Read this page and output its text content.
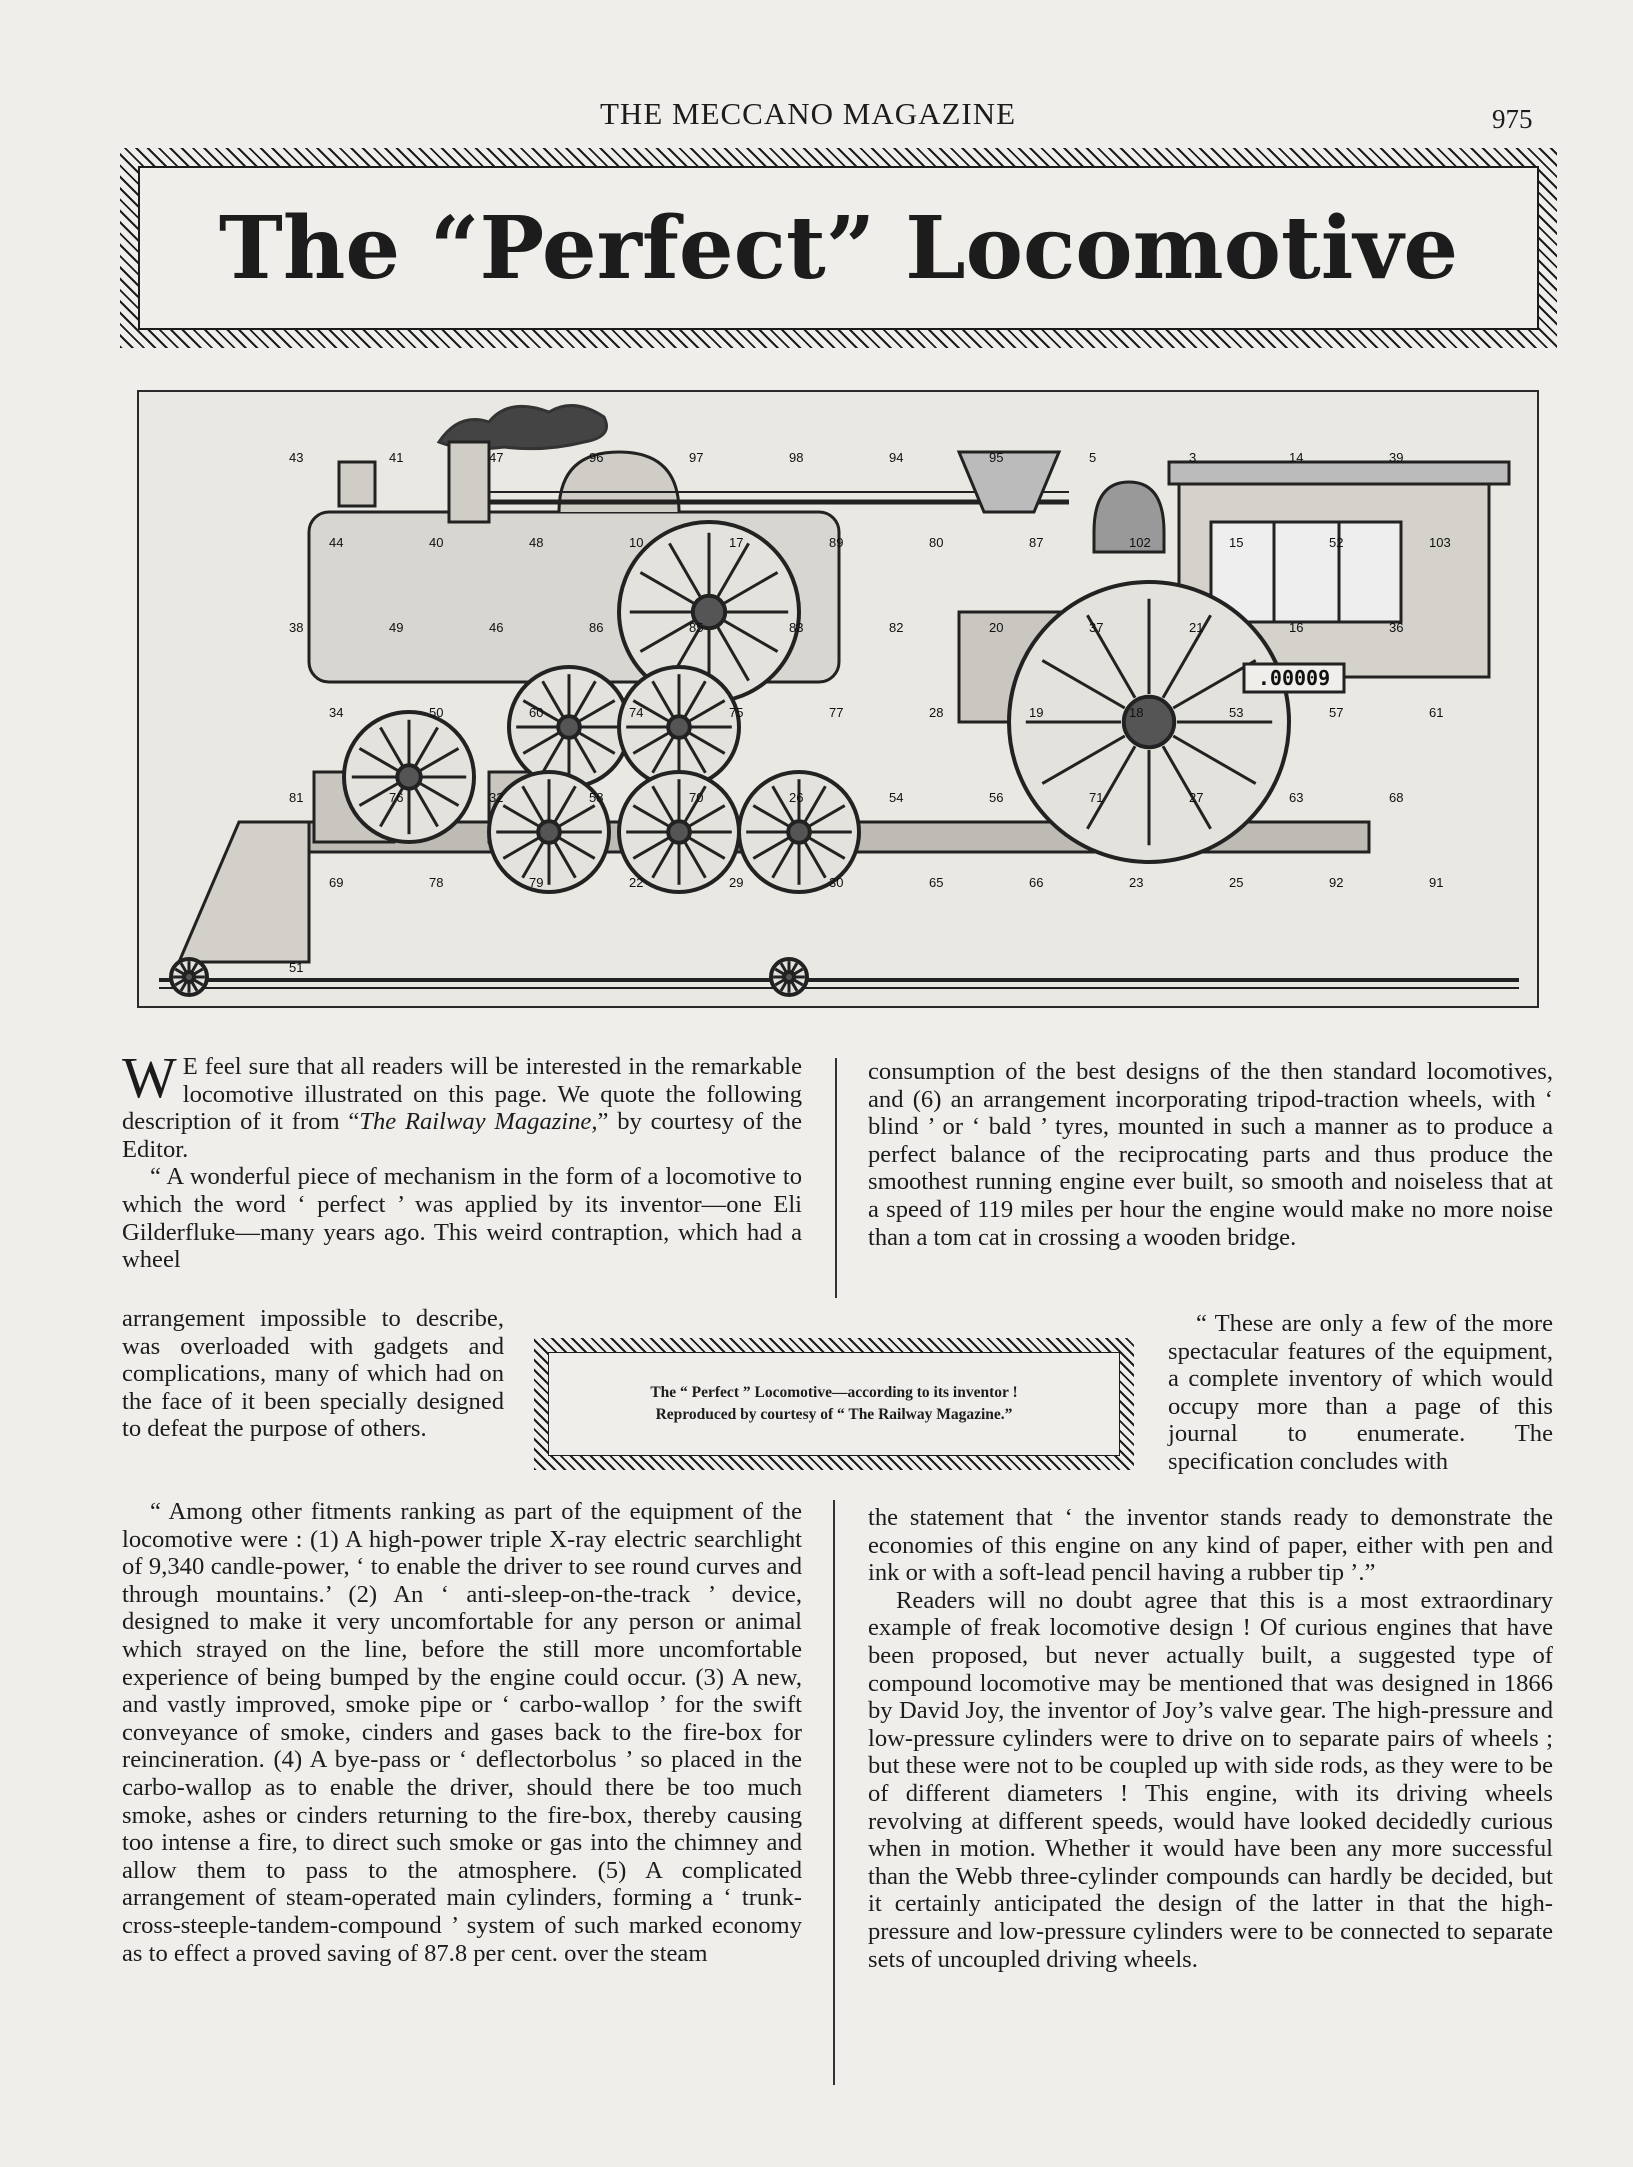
THE MECCANO MAGAZINE	975
The “Perfect” Locomotive
.00009
43	41	47	96	97	98	94	95	5	3	14	39
44	40	48	10	17	89	80	87	102	15	52	103
38	49	46	86	85	83	82	20	37	21	16	36
34	50	60	74	75	77	28	19	18	53	57	61
81	76	32	58	70	26	54	56	71	27	63	68
69	78	79	22	29	30	65	66	23	25	92	91
51

W E feel sure that all readers will be interested in the remarkable locomotive illustrated on this page. We quote the following description of it from “The Railway Magazine,” by courtesy of the Editor.

“ A wonderful piece of mechanism in the form of a locomotive to which the word ‘ perfect ’ was applied by its inventor—one Eli Gilderfluke—many years ago. This weird contraption, which had a wheel

arrangement impossible to describe, was overloaded with gadgets and complications, many of which had on the face of it been specially designed to defeat the purpose of others.

“ Among other fitments ranking as part of the equipment of the locomotive were : (1) A high-power triple X-ray electric searchlight of 9,340 candle-power, ‘ to enable the driver to see round curves and through mountains.’ (2) An ‘ anti-sleep-on-the-track ’ device, designed to make it very uncomfortable for any person or animal which strayed on the line, before the still more uncomfortable experience of being bumped by the engine could occur. (3) A new, and vastly improved, smoke pipe or ‘ carbo-wallop ’ for the swift conveyance of smoke, cinders and gases back to the fire-box for reincineration. (4) A bye-pass or ‘ deflectorbolus ’ so placed in the carbo-wallop as to enable the driver, should there be too much smoke, ashes or cinders returning to the fire-box, thereby causing too intense a fire, to direct such smoke or gas into the chimney and allow them to pass to the atmosphere. (5) A complicated arrangement of steam-operated main cylinders, forming a ‘ trunk-cross-steeple-tandem-compound ’ system of such marked economy as to effect a proved saving of 87.8 per cent. over the steam

consumption of the best designs of the then standard locomotives, and (6) an arrangement incorporating tripod-traction wheels, with ‘ blind ’ or ‘ bald ’ tyres, mounted in such a manner as to produce a perfect balance of the reciprocating parts and thus produce the smoothest running engine ever built, so smooth and noiseless that at a speed of 119 miles per hour the engine would make no more noise than a tom cat in crossing a wooden bridge.

“ These are only a few of the more spectacular features of the equipment, a complete inventory of which would occupy more than a page of this journal to enumerate. The specification concludes with

the statement that ‘ the inventor stands ready to demonstrate the economies of this engine on any kind of paper, either with pen and ink or with a soft-lead pencil having a rubber tip ’.”

Readers will no doubt agree that this is a most extraordinary example of freak locomotive design ! Of curious engines that have been proposed, but never actually built, a suggested type of compound locomotive may be mentioned that was designed in 1866 by David Joy, the inventor of Joy’s valve gear. The high-pressure and low-pressure cylinders were to drive on to separate pairs of wheels ; but these were not to be coupled up with side rods, as they were to be of different diameters ! This engine, with its driving wheels revolving at different speeds, would have looked decidedly curious when in motion. Whether it would have been any more successful than the Webb three-cylinder compounds can hardly be decided, but it certainly anticipated the design of the latter in that the high-pressure and low-pressure cylinders were to be connected to separate sets of uncoupled driving wheels.

The “ Perfect ” Locomotive—according to its inventor !
Reproduced by courtesy of “ The Railway Magazine.”
